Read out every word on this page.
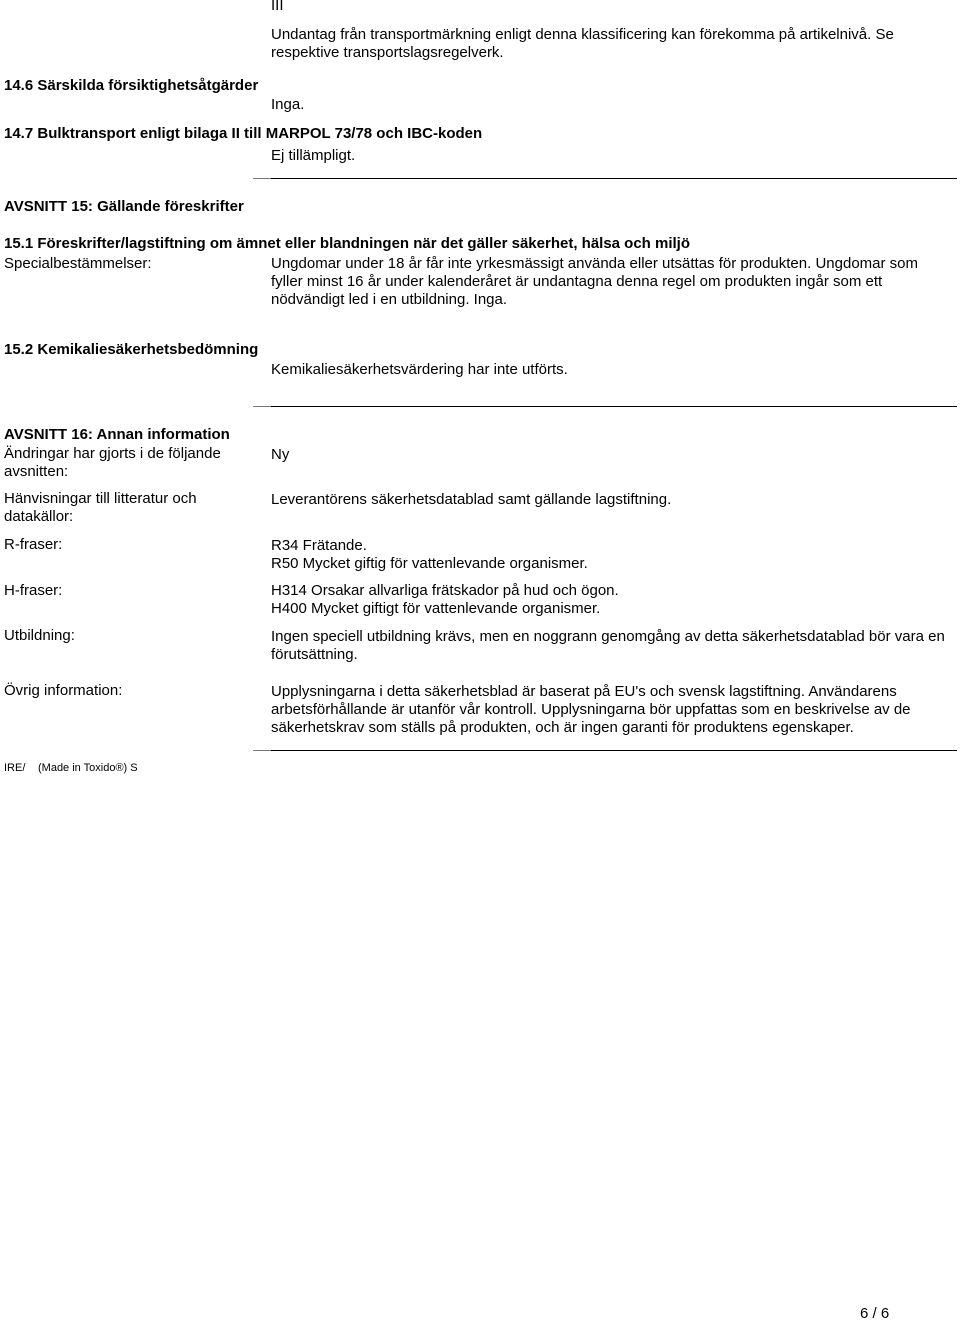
III
Undantag från transportmärkning enligt denna klassificering kan förekomma på artikelnivå. Se respektive transportslagsregelverk.
14.6 Särskilda försiktighetsåtgärder
Inga.
14.7 Bulktransport enligt bilaga II till MARPOL 73/78 och IBC-koden
Ej tillämpligt.
AVSNITT 15: Gällande föreskrifter
15.1 Föreskrifter/lagstiftning om ämnet eller blandningen när det gäller säkerhet, hälsa och miljö
Specialbestämmelser:	Ungdomar under 18 år får inte yrkesmässigt använda eller utsättas för produkten. Ungdomar som fyller minst 16 år under kalenderåret är undantagna denna regel om produkten ingår som ett nödvändigt led i en utbildning. Inga.
15.2 Kemikaliesäkerhetsbedömning
Kemikaliesäkerhetsvärdering har inte utförts.
AVSNITT 16: Annan information
Ändringar har gjorts i de följande avsnitten:
Ny
Hänvisningar till litteratur och datakällor:
Leverantörens säkerhetsdatablad samt gällande lagstiftning.
R-fraser:	R34 Frätande.
R50 Mycket giftig för vattenlevande organismer.
H-fraser:	H314 Orsakar allvarliga frätskador på hud och ögon.
H400 Mycket giftigt för vattenlevande organismer.
Utbildning:	Ingen speciell utbildning krävs, men en noggrann genomgång av detta säkerhetsdatablad bör vara en förutsättning.
Övrig information:	Upplysningarna i detta säkerhetsblad är baserat på EU's och svensk lagstiftning. Användarens arbetsförhållande är utanför vår kontroll. Upplysningarna bör uppfattas som en beskrivelse av de säkerhetskrav som ställs på produkten, och är ingen garanti för produktens egenskaper.
IRE/ (Made in Toxido®) S
6 / 6
